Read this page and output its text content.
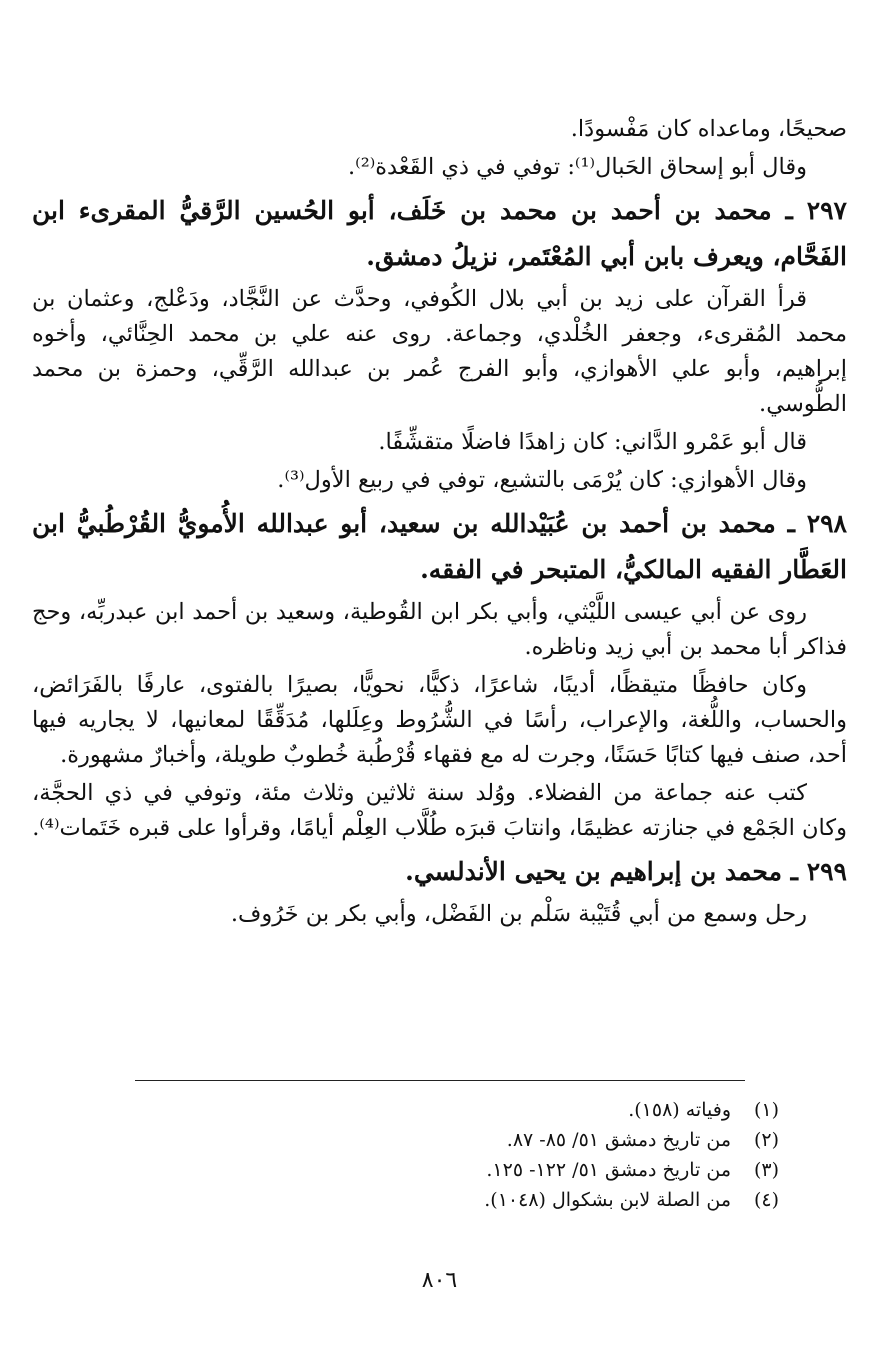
صحيحًا، وماعداه كان مَفْسودًا.

وقال أبو إسحاق الحَبال⁽¹⁾: توفي في ذي القَعْدة⁽²⁾.

٢٩٧ ـ محمد بن أحمد بن محمد بن خَلَف، أبو الحُسين الرَّقيُّ المقرىء ابن الفَحَّام، ويعرف بابن أبي المُعْتَمر، نزيلُ دمشق.

قرأ القرآن على زيد بن أبي بلال الكُوفي، وحدَّث عن النَّجَّاد، ودَعْلج، وعثمان بن محمد المُقرىء، وجعفر الخُلْدي، وجماعة. روى عنه علي بن محمد الحِنَّائي، وأخوه إبراهيم، وأبو علي الأهوازي، وأبو الفرج عُمر بن عبدالله الرَّقِّي، وحمزة بن محمد الطُّوسي.

قال أبو عَمْرو الدَّاني: كان زاهدًا فاضلًا متقشِّفًا.

وقال الأهوازي: كان يُرْمَى بالتشيع، توفي في ربيع الأول⁽³⁾.

٢٩٨ ـ محمد بن أحمد بن عُبَيْدالله بن سعيد، أبو عبدالله الأُمويُّ القُرْطُبيُّ ابن العَطَّار الفقيه المالكيُّ، المتبحر في الفقه.

روى عن أبي عيسى اللَّيْثي، وأبي بكر ابن القُوطية، وسعيد بن أحمد ابن عبدربِّه، وحج فذاكر أبا محمد بن أبي زيد وناظره.

وكان حافظًا متيقظًا، أديبًا، شاعرًا، ذكيًّا، نحويًّا، بصيرًا بالفتوى، عارفًا بالفَرَائض، والحساب، واللُّغة، والإعراب، رأسًا في الشُّرُوط وعِلَلها، مُدَقِّقًا لمعانيها، لا يجاريه فيها أحد، صنف فيها كتابًا حَسَنًا، وجرت له مع فقهاء قُرْطُبة خُطوبٌ طويلة، وأخبارٌ مشهورة.

كتب عنه جماعة من الفضلاء. ووُلد سنة ثلاثين وثلاث مئة، وتوفي في ذي الحجَّة، وكان الجَمْع في جنازته عظيمًا، وانتابَ قبرَه طُلَّاب العِلْم أيامًا، وقرأوا على قبره خَتَمات⁽⁴⁾.

٢٩٩ ـ محمد بن إبراهيم بن يحيى الأندلسي.

رحل وسمع من أبي قُتَيْبة سَلْم بن الفَضْل، وأبي بكر بن خَرُوف.

(١)
وفياته (١٥٨).
(٢)
من تاريخ دمشق ٥١/ ٨٥- ٨٧.
(٣)
من تاريخ دمشق ٥١/ ١٢٢- ١٢٥.
(٤)
من الصلة لابن بشكوال (١٠٤٨).
٨٠٦
